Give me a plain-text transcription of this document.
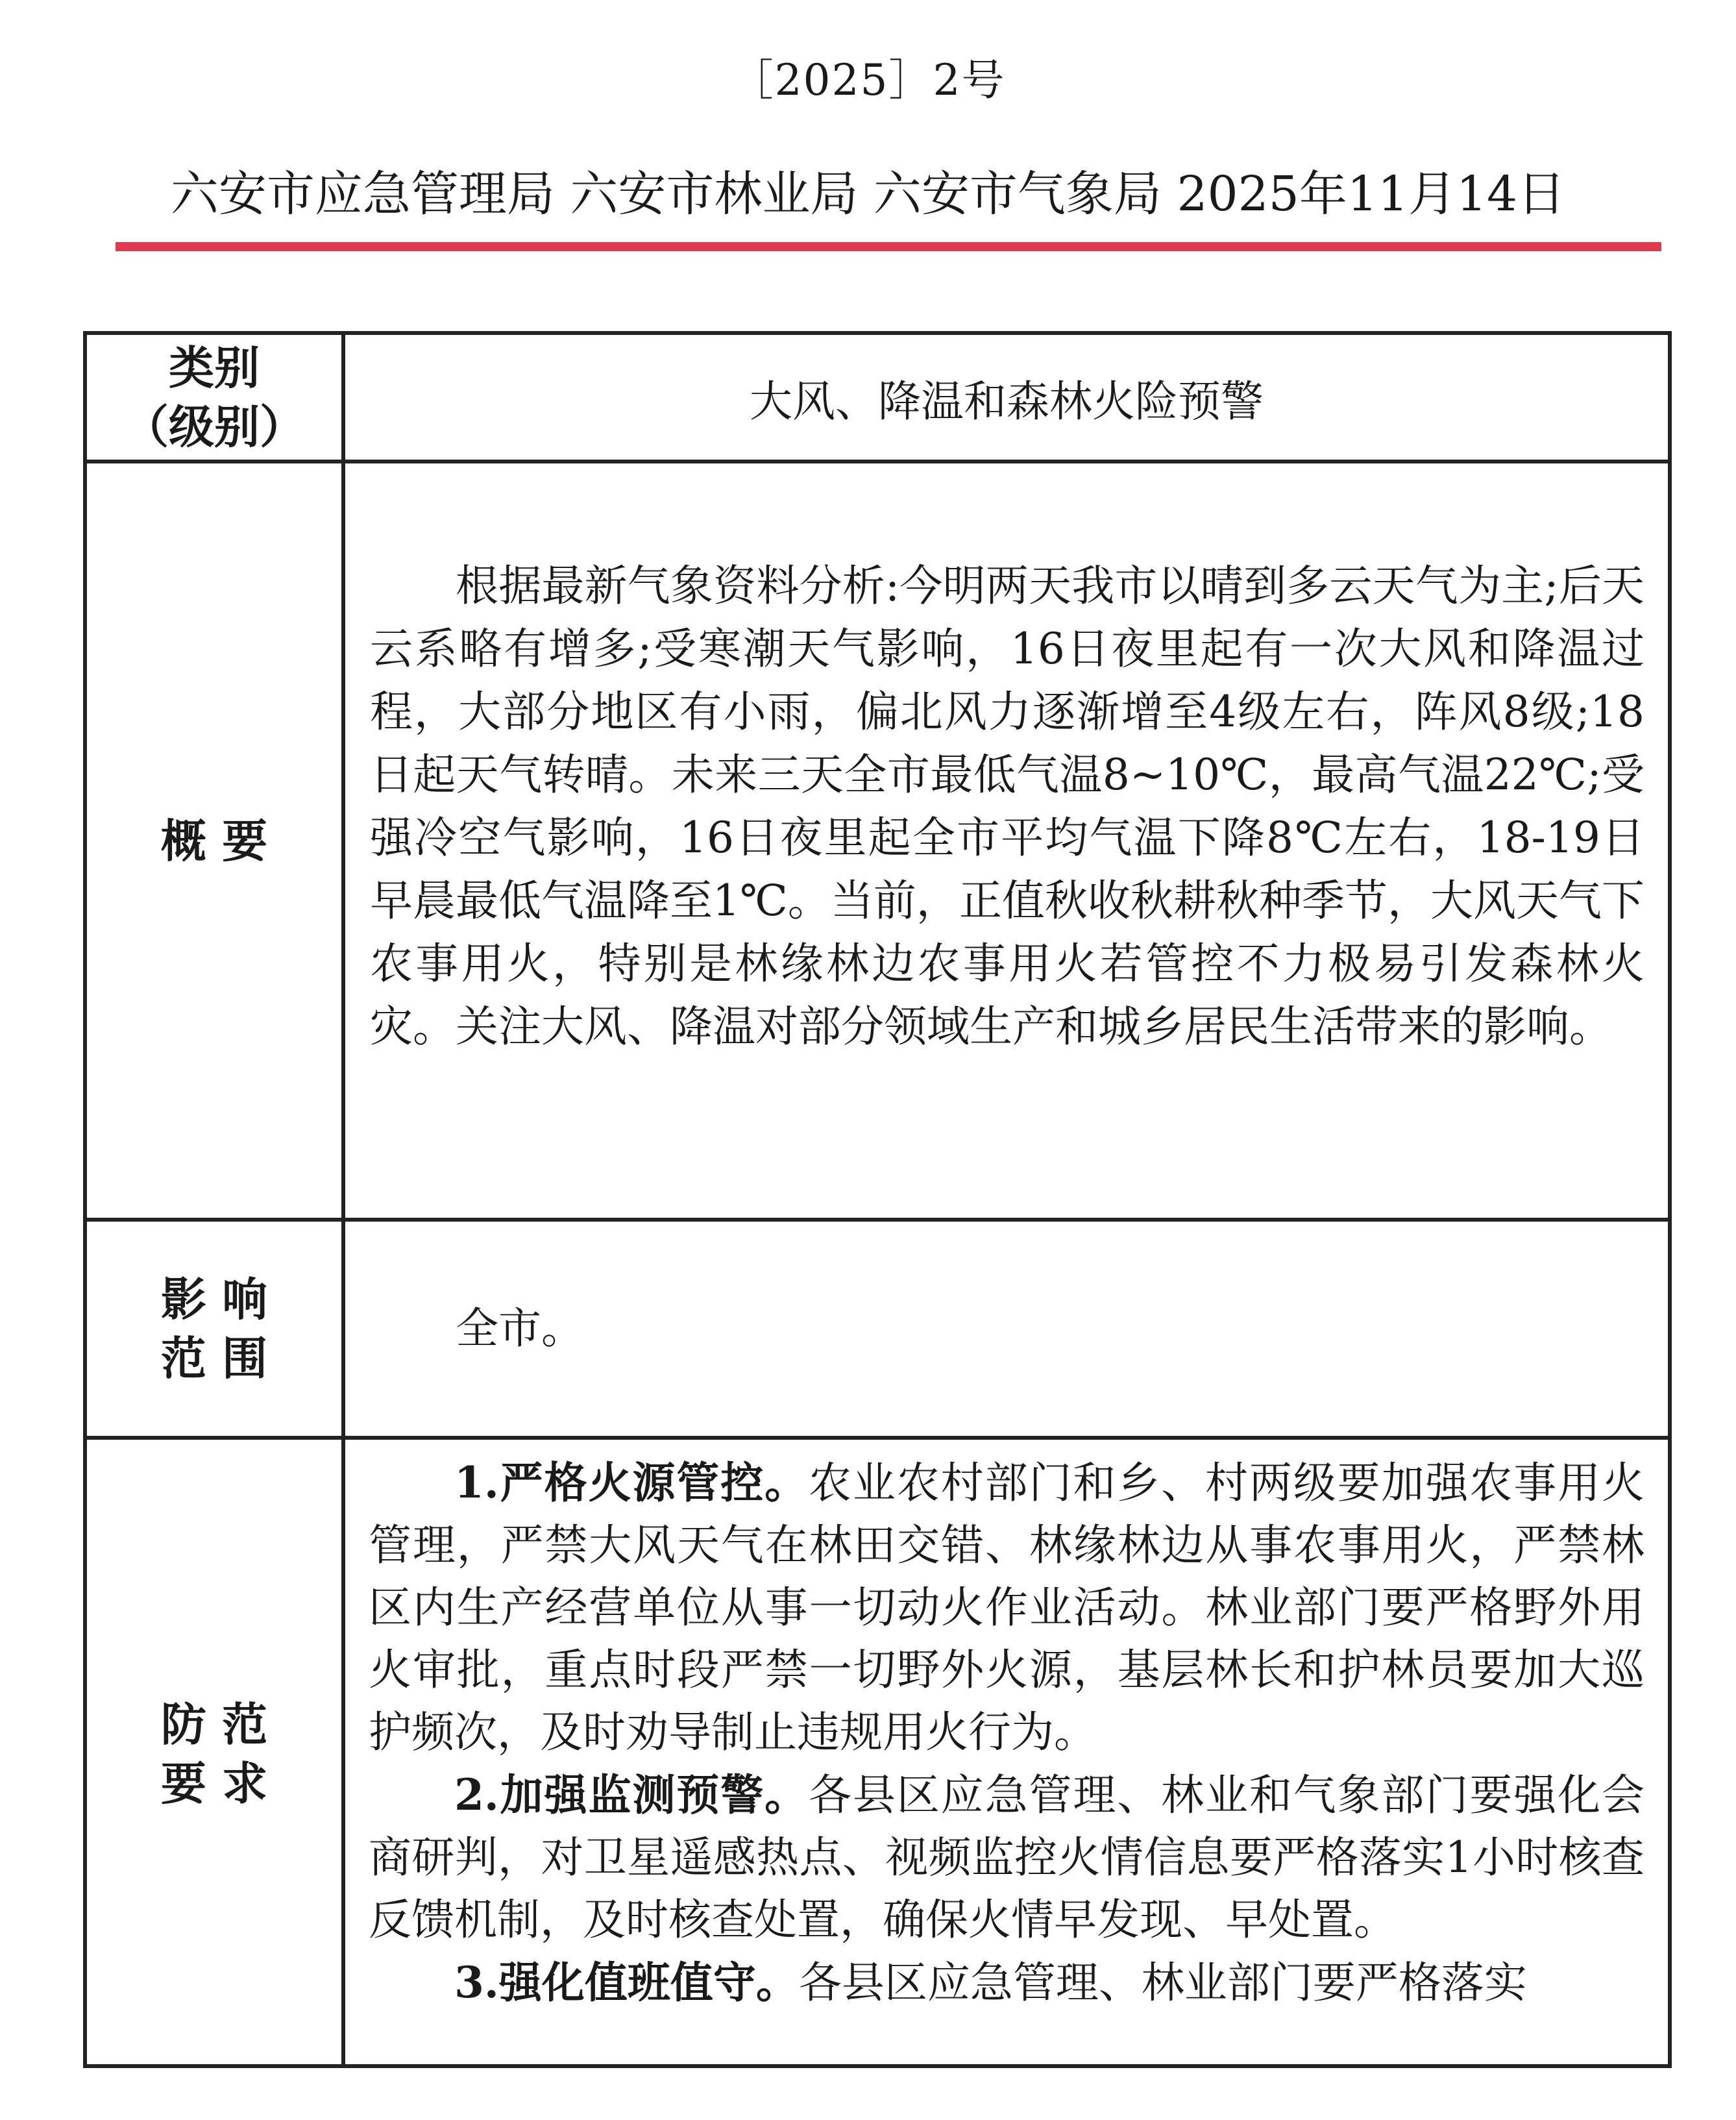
［2025］2号
六安市应急管理局 六安市林业局 六安市气象局 2025年11月14日
类别
（级别）	大风、降温和森林火险预警
概 要

根据最新气象资料分析:今明两天我市以晴到多云天气为主;后天云系略有增多;受寒潮天气影响，16日夜里起有一次大风和降温过程，大部分地区有小雨，偏北风力逐渐增至4级左右，阵风8级;18日起天气转晴。未来三天全市最低气温8~10℃，最高气温22℃;受强冷空气影响，16日夜里起全市平均气温下降8℃左右，18-19日早晨最低气温降至1℃。当前，正值秋收秋耕秋种季节，大风天气下农事用火，特别是林缘林边农事用火若管控不力极易引发森林火灾。关注大风、降温对部分领域生产和城乡居民生活带来的影响。

影 响
范 围

全市。

防 范
要 求

1.严格火源管控。农业农村部门和乡、村两级要加强农事用火管理，严禁大风天气在林田交错、林缘林边从事农事用火，严禁林区内生产经营单位从事一切动火作业活动。林业部门要严格野外用火审批，重点时段严禁一切野外火源，基层林长和护林员要加大巡护频次，及时劝导制止违规用火行为。

2.加强监测预警。各县区应急管理、林业和气象部门要强化会商研判，对卫星遥感热点、视频监控火情信息要严格落实1小时核查反馈机制，及时核查处置，确保火情早发现、早处置。

3.强化值班值守。各县区应急管理、林业部门要严格落实
